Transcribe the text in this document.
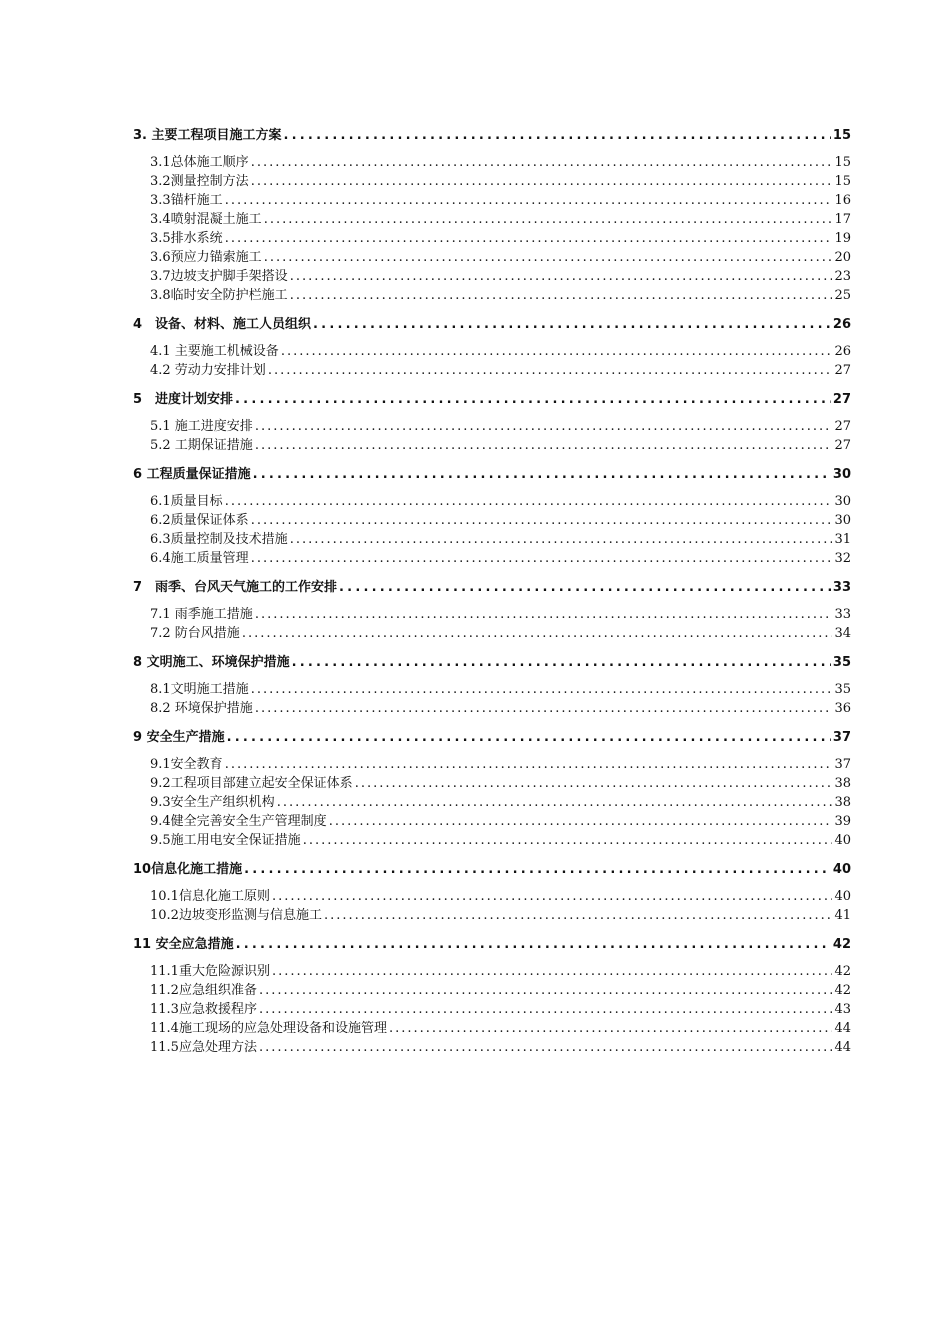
3. 主要工程项目施工方案 .....	15
3.1总体施工顺序 .....	15
3.2测量控制方法 .....	15
3.3锚杆施工 .....	16
3.4喷射混凝土施工 .....	17
3.5排水系统 .....	19
3.6预应力锚索施工 .....	20
3.7边坡支护脚手架搭设 .....	23
3.8临时安全防护栏施工 .....	25
4　设备、材料、施工人员组织 .....	26
4.1 主要施工机械设备 .....	26
4.2 劳动力安排计划 .....	27
5　进度计划安排 .....	27
5.1 施工进度安排 .....	27
5.2 工期保证措施 .....	27
6 工程质量保证措施 .....	30
6.1质量目标 .....	30
6.2质量保证体系 .....	30
6.3质量控制及技术措施 .....	31
6.4施工质量管理 .....	32
7　雨季、台风天气施工的工作安排 .....	33
7.1 雨季施工措施 .....	33
7.2 防台风措施 .....	34
8 文明施工、环境保护措施 .....	35
8.1文明施工措施 .....	35
8.2 环境保护措施 .....	36
9 安全生产措施 .....	37
9.1安全教育 .....	37
9.2工程项目部建立起安全保证体系 .....	38
9.3安全生产组织机构 .....	38
9.4健全完善安全生产管理制度 .....	39
9.5施工用电安全保证措施 .....	40
10信息化施工措施 .....	40
10.1信息化施工原则 .....	40
10.2边坡变形监测与信息施工 .....	41
11 安全应急措施 .....	42
11.1重大危险源识别 .....	42
11.2应急组织准备 .....	42
11.3应急救援程序 .....	43
11.4施工现场的应急处理设备和设施管理 .....	44
11.5应急处理方法 .....	44
